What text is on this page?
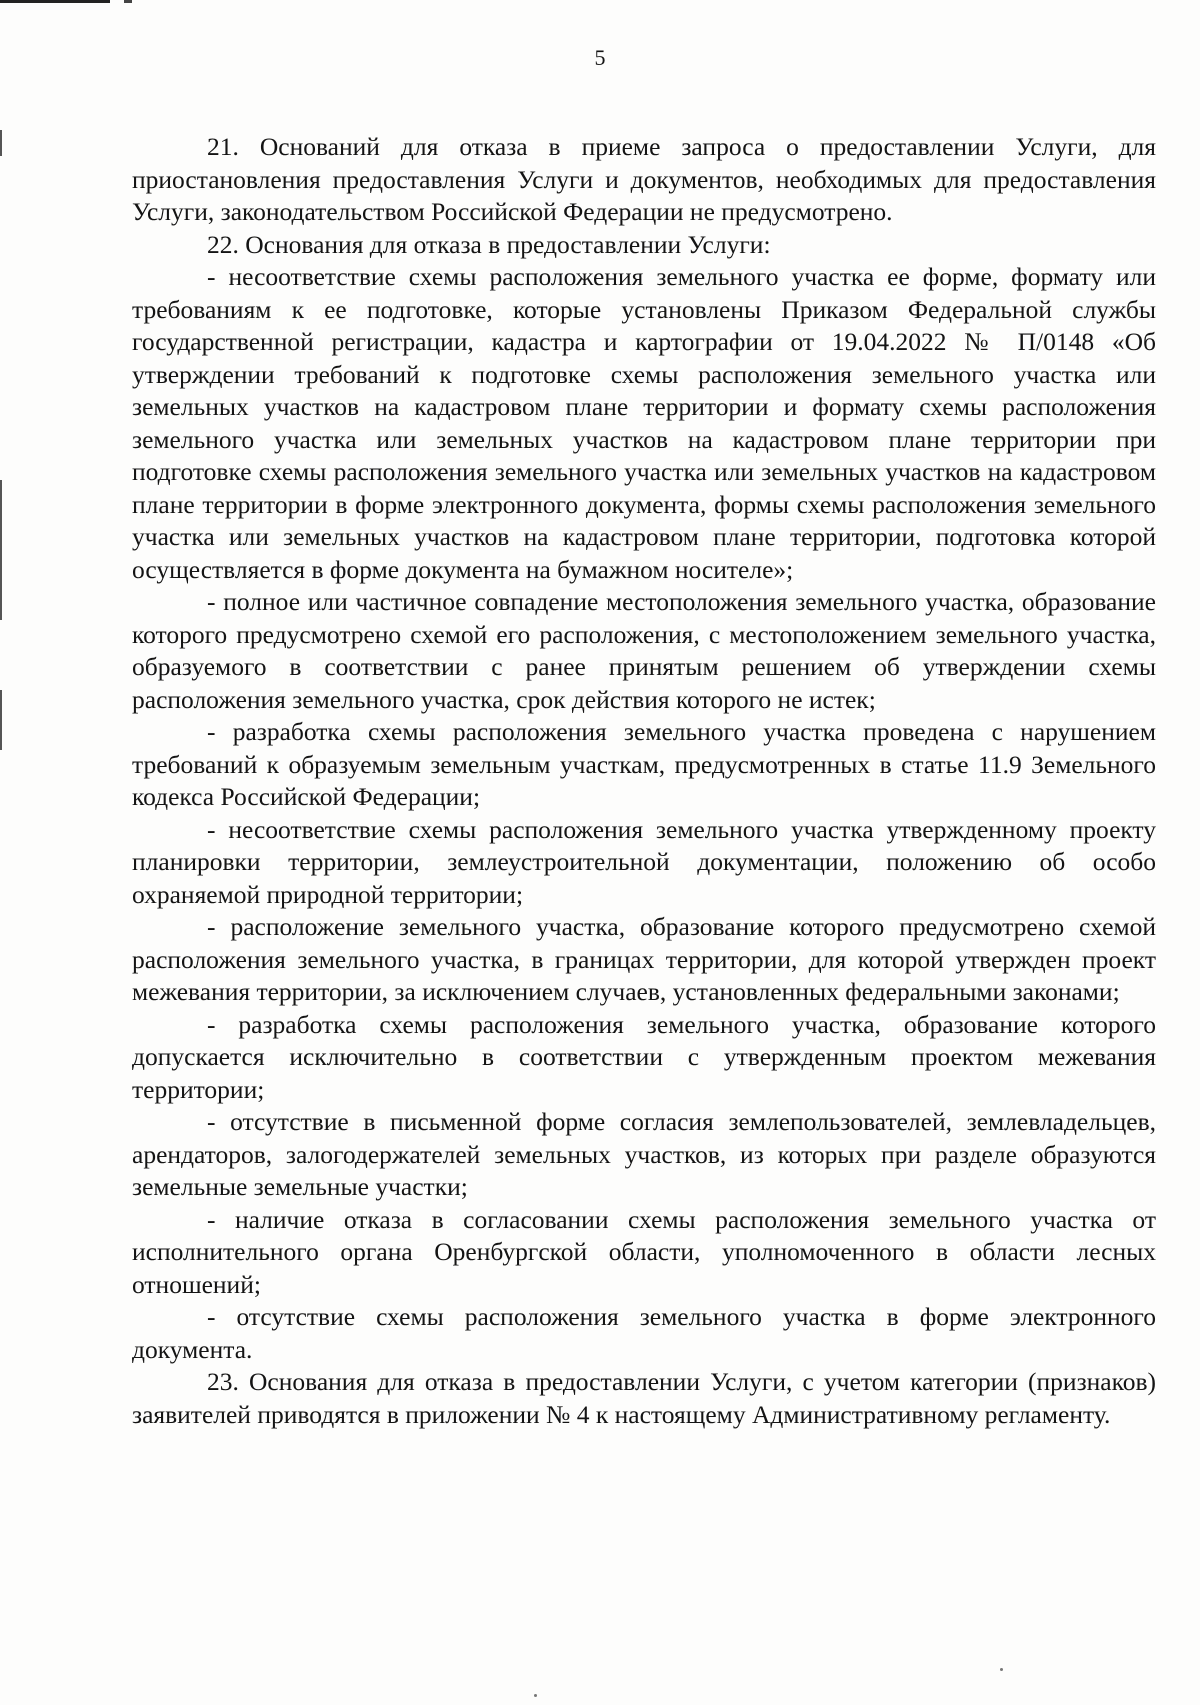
5

21. Оснований для отказа в приеме запроса о предоставлении Услуги, для приостановления предоставления Услуги и документов, необходимых для предоставления Услуги, законодательством Российской Федерации не предусмотрено.

22. Основания для отказа в предоставлении Услуги:

- несоответствие схемы расположения земельного участка ее форме, формату или требованиям к ее подготовке, которые установлены Приказом Федеральной службы государственной регистрации, кадастра и картографии от 19.04.2022 № П/0148 «Об утверждении требований к подготовке схемы расположения земельного участка или земельных участков на кадастровом плане территории и формату схемы расположения земельного участка или земельных участков на кадастровом плане территории при подготовке схемы расположения земельного участка или земельных участков на кадастровом плане территории в форме электронного документа, формы схемы расположения земельного участка или земельных участков на кадастровом плане территории, подготовка которой осуществляется в форме документа на бумажном носителе»;

- полное или частичное совпадение местоположения земельного участка, образование которого предусмотрено схемой его расположения, с местоположением земельного участка, образуемого в соответствии с ранее принятым решением об утверждении схемы расположения земельного участка, срок действия которого не истек;

- разработка схемы расположения земельного участка проведена с нарушением требований к образуемым земельным участкам, предусмотренных в статье 11.9 Земельного кодекса Российской Федерации;

- несоответствие схемы расположения земельного участка утвержденному проекту планировки территории, землеустроительной документации, положению об особо охраняемой природной территории;

- расположение земельного участка, образование которого предусмотрено схемой расположения земельного участка, в границах территории, для которой утвержден проект межевания территории, за исключением случаев, установленных федеральными законами;

- разработка схемы расположения земельного участка, образование которого допускается исключительно в соответствии с утвержденным проектом межевания территории;

- отсутствие в письменной форме согласия землепользователей, землевладельцев, арендаторов, залогодержателей земельных участков, из которых при разделе образуются земельные земельные участки;

- наличие отказа в согласовании схемы расположения земельного участка от исполнительного органа Оренбургской области, уполномоченного в области лесных отношений;

- отсутствие схемы расположения земельного участка в форме электронного документа.

23. Основания для отказа в предоставлении Услуги, с учетом категории (признаков) заявителей приводятся в приложении № 4 к настоящему Административному регламенту.
